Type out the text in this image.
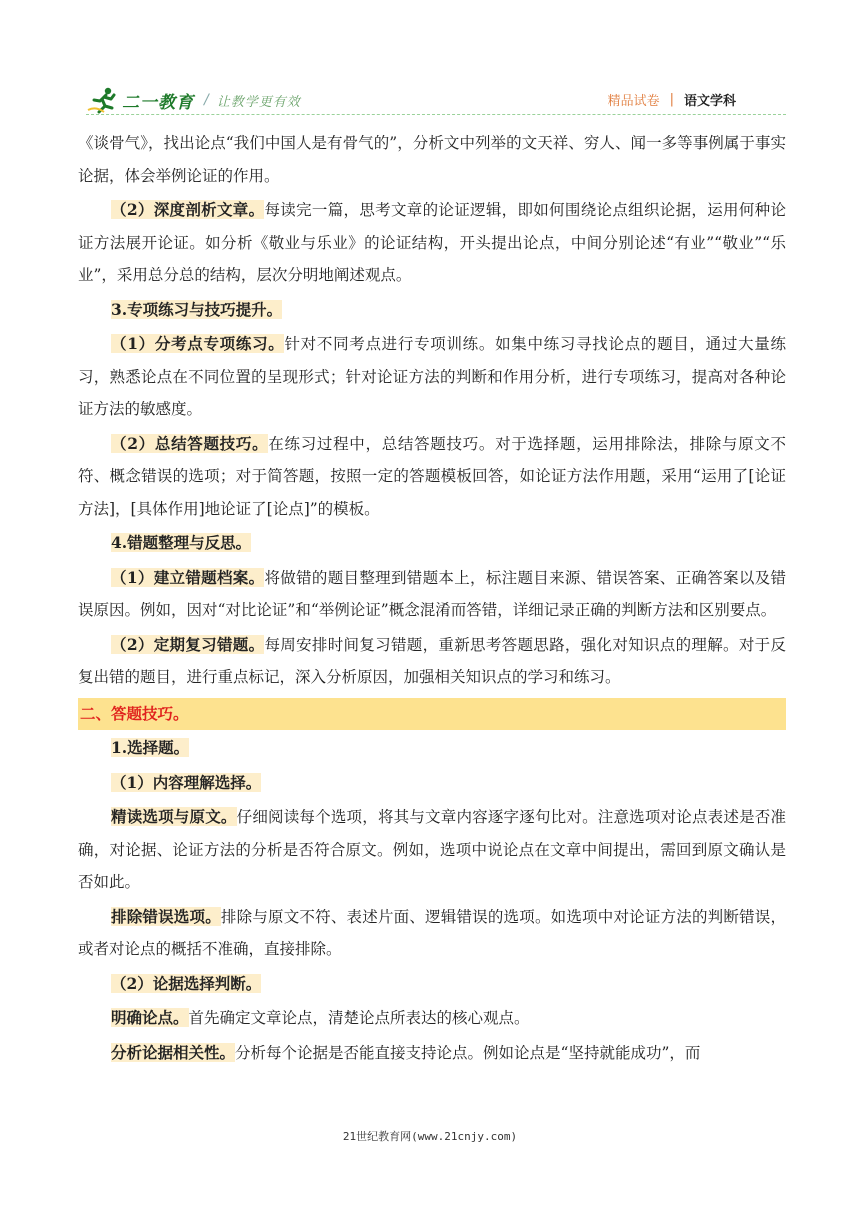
二一教育 / 让教学更有效	精品试卷 | 语文学科

《谈骨气》，找出论点“我们中国人是有骨气的”，分析文中列举的文天祥、穷人、闻一多等事例属于事实论据，体会举例论证的作用。

（2）深度剖析文章。每读完一篇，思考文章的论证逻辑，即如何围绕论点组织论据，运用何种论证方法展开论证。如分析《敬业与乐业》的论证结构，开头提出论点，中间分别论述“有业”“敬业”“乐业”，采用总分总的结构，层次分明地阐述观点。

3.专项练习与技巧提升。

（1）分考点专项练习。针对不同考点进行专项训练。如集中练习寻找论点的题目，通过大量练习，熟悉论点在不同位置的呈现形式；针对论证方法的判断和作用分析，进行专项练习，提高对各种论证方法的敏感度。

（2）总结答题技巧。在练习过程中，总结答题技巧。对于选择题，运用排除法，排除与原文不符、概念错误的选项；对于简答题，按照一定的答题模板回答，如论证方法作用题，采用“运用了[论证方法]，[具体作用]地论证了[论点]”的模板。

4.错题整理与反思。

（1）建立错题档案。将做错的题目整理到错题本上，标注题目来源、错误答案、正确答案以及错误原因。例如，因对“对比论证”和“举例论证”概念混淆而答错，详细记录正确的判断方法和区别要点。

（2）定期复习错题。每周安排时间复习错题，重新思考答题思路，强化对知识点的理解。对于反复出错的题目，进行重点标记，深入分析原因，加强相关知识点的学习和练习。

二、答题技巧。

1.选择题。

（1）内容理解选择。

精读选项与原文。仔细阅读每个选项，将其与文章内容逐字逐句比对。注意选项对论点表述是否准确，对论据、论证方法的分析是否符合原文。例如，选项中说论点在文章中间提出，需回到原文确认是否如此。

排除错误选项。排除与原文不符、表述片面、逻辑错误的选项。如选项中对论证方法的判断错误，或者对论点的概括不准确，直接排除。

（2）论据选择判断。

明确论点。首先确定文章论点，清楚论点所表达的核心观点。

分析论据相关性。分析每个论据是否能直接支持论点。例如论点是“坚持就能成功”，而

21世纪教育网(www.21cnjy.com)
